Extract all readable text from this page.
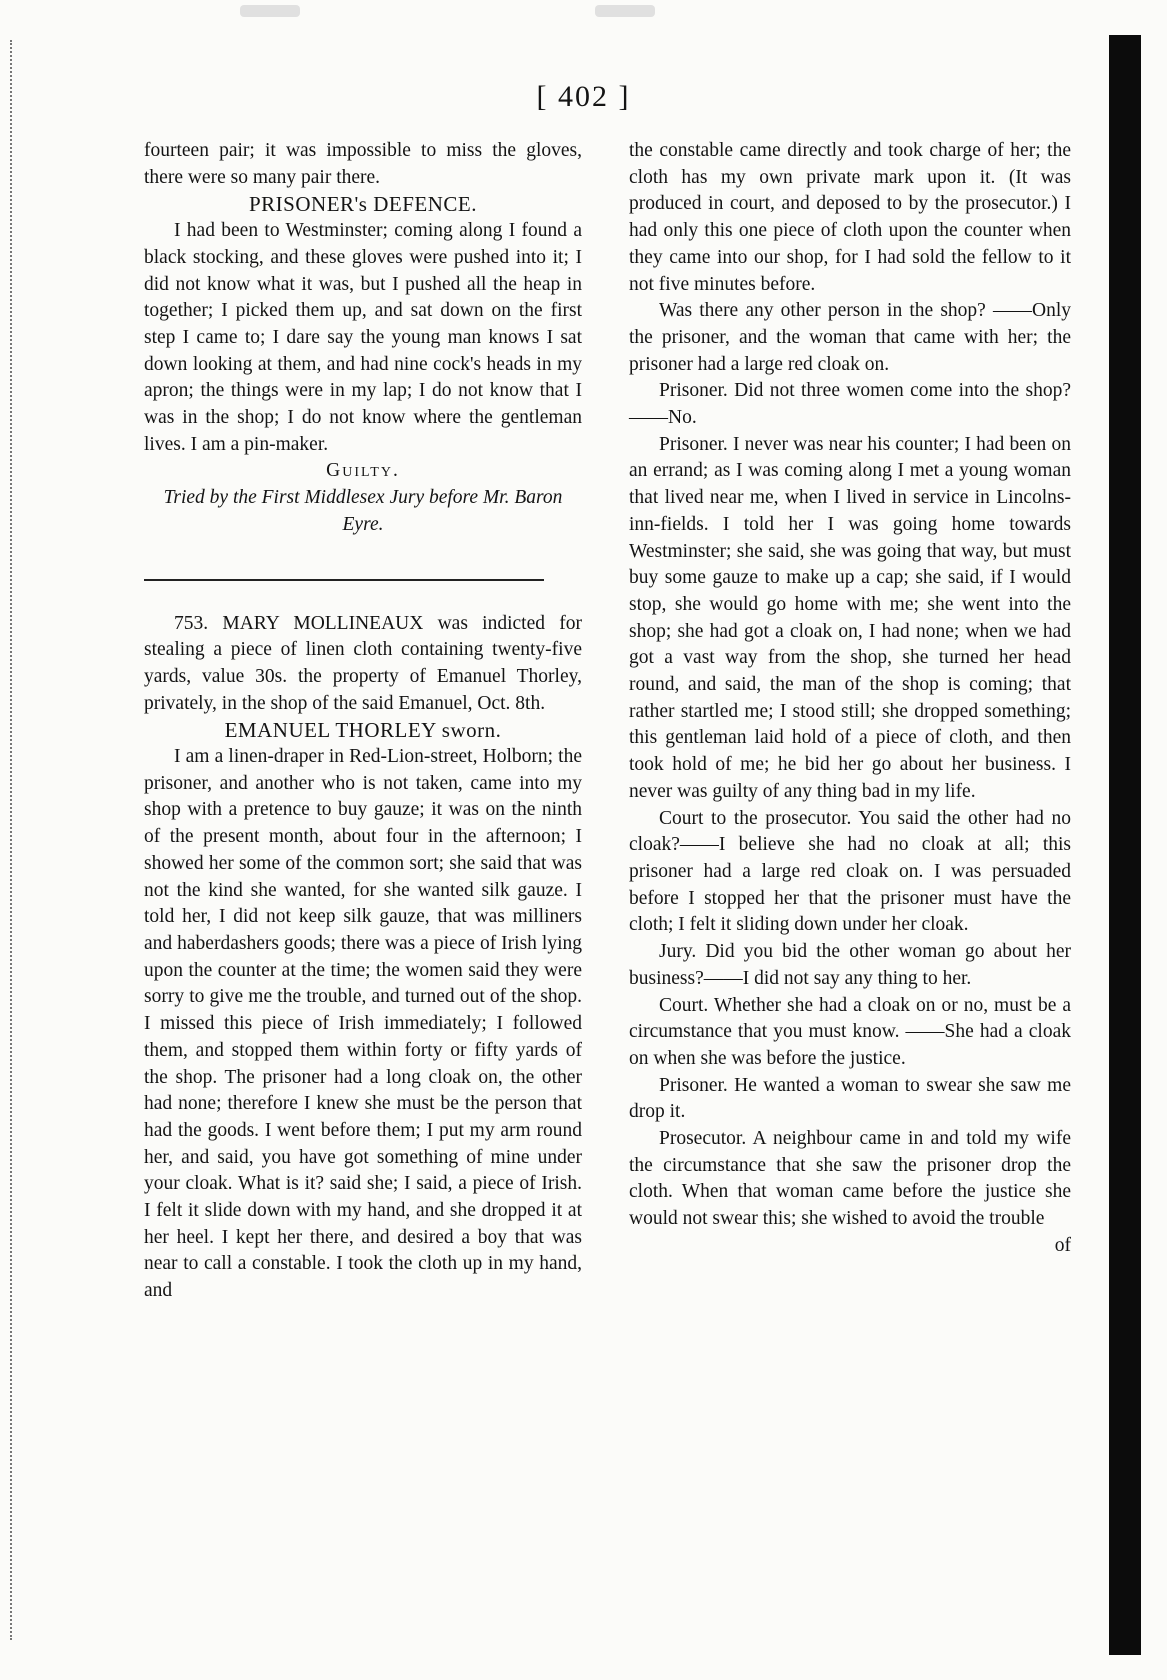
[ 402 ]

fourteen pair; it was impossible to miss the gloves, there were so many pair there.

PRISONER's DEFENCE.

I had been to Westminster; coming along I found a black stocking, and these gloves were pushed into it; I did not know what it was, but I pushed all the heap in together; I picked them up, and sat down on the first step I came to; I dare say the young man knows I sat down looking at them, and had nine cock's heads in my apron; the things were in my lap; I do not know that I was in the shop; I do not know where the gentleman lives. I am a pin-maker.

Guilty.

Tried by the First Middlesex Jury before Mr. Baron Eyre.

753. MARY MOLLINEAUX was indicted for stealing a piece of linen cloth containing twenty-five yards, value 30s. the property of Emanuel Thorley, privately, in the shop of the said Emanuel, Oct. 8th.

EMANUEL THORLEY sworn.

I am a linen-draper in Red-Lion-street, Holborn; the prisoner, and another who is not taken, came into my shop with a pretence to buy gauze; it was on the ninth of the present month, about four in the afternoon; I showed her some of the common sort; she said that was not the kind she wanted, for she wanted silk gauze. I told her, I did not keep silk gauze, that was milliners and haberdashers goods; there was a piece of Irish lying upon the counter at the time; the women said they were sorry to give me the trouble, and turned out of the shop. I missed this piece of Irish immediately; I followed them, and stopped them within forty or fifty yards of the shop. The prisoner had a long cloak on, the other had none; therefore I knew she must be the person that had the goods. I went before them; I put my arm round her, and said, you have got something of mine under your cloak. What is it? said she; I said, a piece of Irish. I felt it slide down with my hand, and she dropped it at her heel. I kept her there, and desired a boy that was near to call a constable. I took the cloth up in my hand, and

the constable came directly and took charge of her; the cloth has my own private mark upon it. (It was produced in court, and deposed to by the prosecutor.) I had only this one piece of cloth upon the counter when they came into our shop, for I had sold the fellow to it not five minutes before.

Was there any other person in the shop? ——Only the prisoner, and the woman that came with her; the prisoner had a large red cloak on.

Prisoner. Did not three women come into the shop?——No.

Prisoner. I never was near his counter; I had been on an errand; as I was coming along I met a young woman that lived near me, when I lived in service in Lincolns-inn-fields. I told her I was going home towards Westminster; she said, she was going that way, but must buy some gauze to make up a cap; she said, if I would stop, she would go home with me; she went into the shop; she had got a cloak on, I had none; when we had got a vast way from the shop, she turned her head round, and said, the man of the shop is coming; that rather startled me; I stood still; she dropped something; this gentleman laid hold of a piece of cloth, and then took hold of me; he bid her go about her business. I never was guilty of any thing bad in my life.

Court to the prosecutor. You said the other had no cloak?——I believe she had no cloak at all; this prisoner had a large red cloak on. I was persuaded before I stopped her that the prisoner must have the cloth; I felt it sliding down under her cloak.

Jury. Did you bid the other woman go about her business?——I did not say any thing to her.

Court. Whether she had a cloak on or no, must be a circumstance that you must know. ——She had a cloak on when she was before the justice.

Prisoner. He wanted a woman to swear she saw me drop it.

Prosecutor. A neighbour came in and told my wife the circumstance that she saw the prisoner drop the cloth. When that woman came before the justice she would not swear this; she wished to avoid the trouble

of
